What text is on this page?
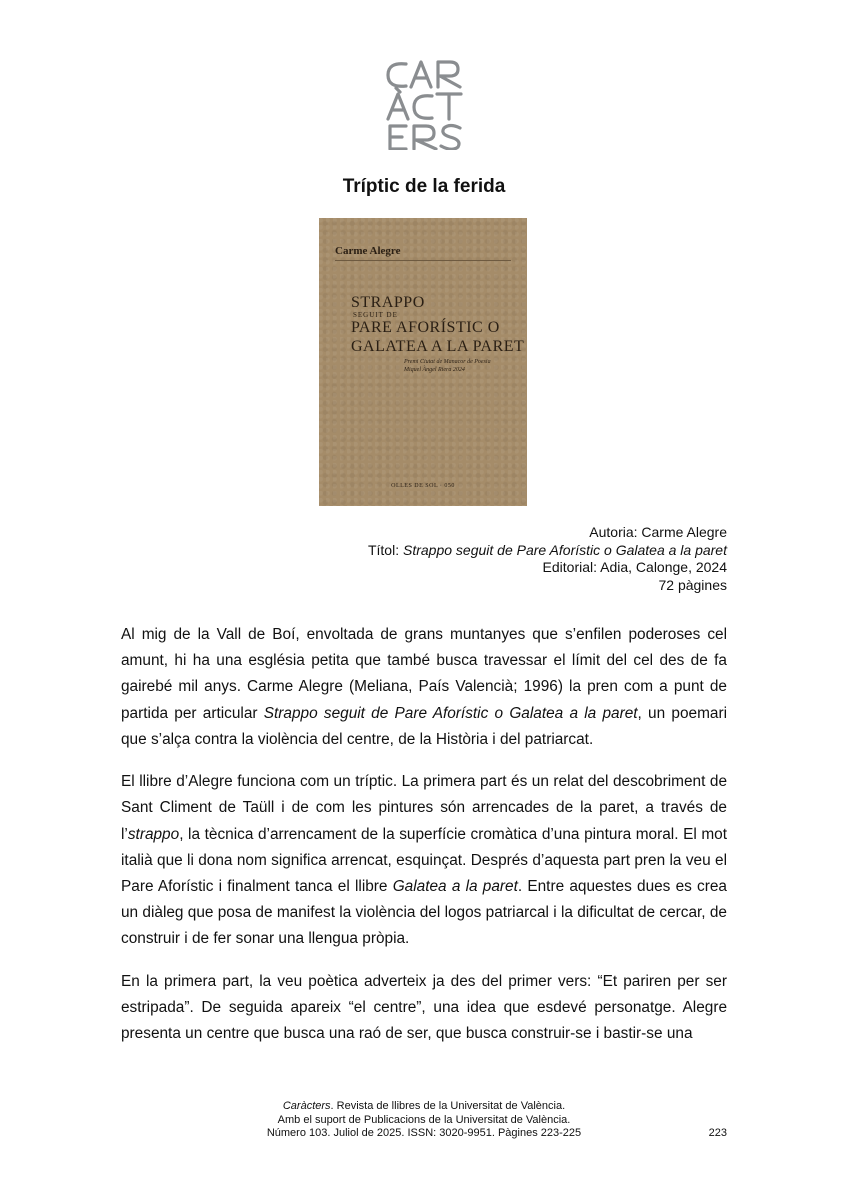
Tríptic de la ferida
Carme Alegre
STRAPPO
SEGUIT DE
PARE AFORÍSTIC O
GALATEA A LA PARET
Premi Ciutat de Manacor de Poesia
Miquel Àngel Riera 2024
OLLES DE SOL · 050
Autoria: Carme Alegre
Títol: Strappo seguit de Pare Aforístic o Galatea a la paret
Editorial: Adia, Calonge, 2024
72 pàgines

Al mig de la Vall de Boí, envoltada de grans muntanyes que s’enfilen poderoses cel amunt, hi ha una església petita que també busca travessar el límit del cel des de fa gairebé mil anys. Carme Alegre (Meliana, País Valencià; 1996) la pren com a punt de partida per articular Strappo seguit de Pare Aforístic o Galatea a la paret, un poemari que s’alça contra la violència del centre, de la Història i del patriarcat.

El llibre d’Alegre funciona com un tríptic. La primera part és un relat del descobriment de Sant Climent de Taüll i de com les pintures són arrencades de la paret, a través de l’strappo, la tècnica d’arrencament de la superfície cromàtica d’una pintura moral. El mot italià que li dona nom significa arrencat, esquinçat. Després d’aquesta part pren la veu el Pare Aforístic i finalment tanca el llibre Galatea a la paret. Entre aquestes dues es crea un diàleg que posa de manifest la violència del logos patriarcal i la dificultat de cercar, de construir i de fer sonar una llengua pròpia.

En la primera part, la veu poètica adverteix ja des del primer vers: “Et pariren per ser estripada”. De seguida apareix “el centre”, una idea que esdevé personatge. Alegre presenta un centre que busca una raó de ser, que busca construir-se i bastir-se una

Caràcters. Revista de llibres de la Universitat de València.
Amb el suport de Publicacions de la Universitat de València.
Número 103. Juliol de 2025. ISSN: 3020-9951. Pàgines 223-225	223
